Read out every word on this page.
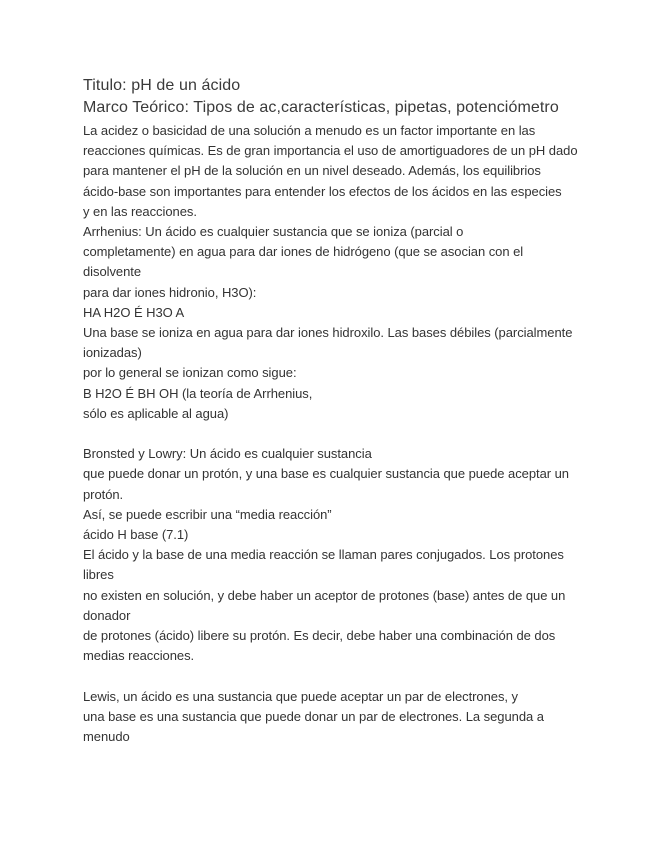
Titulo: pH de un ácido
Marco Teórico: Tipos de ac,características, pipetas, potenciómetro
La acidez o basicidad de una solución a menudo es un factor importante en las
reacciones químicas. Es de gran importancia el uso de amortiguadores de un pH dado
para mantener el pH de la solución en un nivel deseado. Además, los equilibrios
ácido-base son importantes para entender los efectos de los ácidos en las especies
y en las reacciones.
Arrhenius: Un ácido es cualquier sustancia que se ioniza (parcial o
completamente) en agua para dar iones de hidrógeno (que se asocian con el
disolvente
para dar iones hidronio, H3O):
HA H2O É H3O A
Una base se ioniza en agua para dar iones hidroxilo. Las bases débiles (parcialmente
ionizadas)
por lo general se ionizan como sigue:
B H2O É BH OH (la teoría de Arrhenius,
sólo es aplicable al agua)
Bronsted y Lowry: Un ácido es cualquier sustancia
que puede donar un protón, y una base es cualquier sustancia que puede aceptar un
protón.
Así, se puede escribir una “media reacción”
ácido H base (7.1)
El ácido y la base de una media reacción se llaman pares conjugados. Los protones
libres
no existen en solución, y debe haber un aceptor de protones (base) antes de que un
donador
de protones (ácido) libere su protón. Es decir, debe haber una combinación de dos
medias reacciones.
Lewis, un ácido es una sustancia que puede aceptar un par de electrones, y
una base es una sustancia que puede donar un par de electrones. La segunda a
menudo
